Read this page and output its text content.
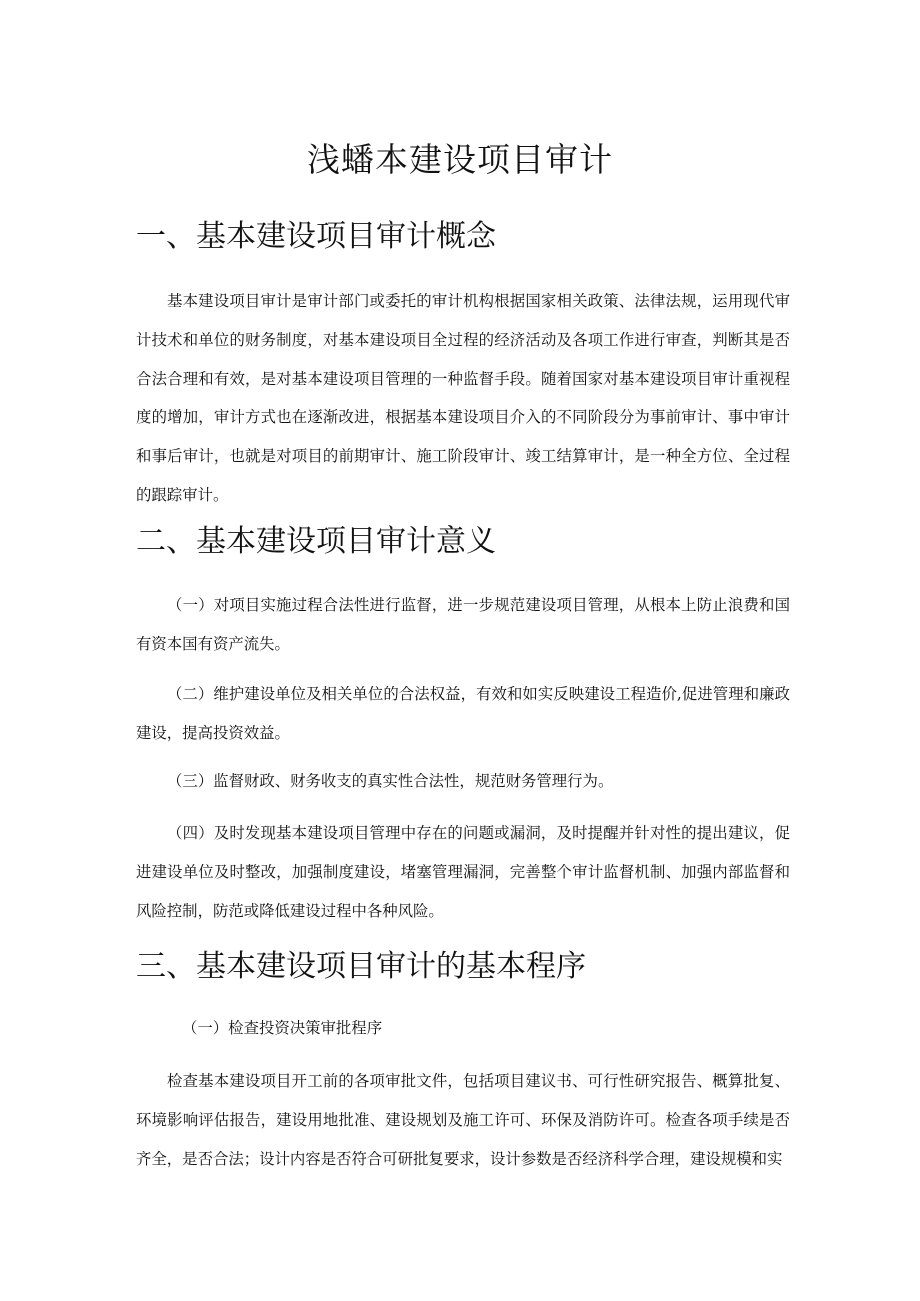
浅蟠本建设项目审计
一、基本建设项目审计概念

基本建设项目审计是审计部门或委托的审计机构根据国家相关政策、法律法规，运用现代审计技术和单位的财务制度，对基本建设项目全过程的经济活动及各项工作进行审查，判断其是否合法合理和有效，是对基本建设项目管理的一种监督手段。随着国家对基本建设项目审计重视程度的增加，审计方式也在逐渐改进，根据基本建设项目介入的不同阶段分为事前审计、事中审计和事后审计，也就是对项目的前期审计、施工阶段审计、竣工结算审计，是一种全方位、全过程的跟踪审计。

二、基本建设项目审计意义

（一）对项目实施过程合法性进行监督，进一步规范建设项目管理，从根本上防止浪费和国有资本国有资产流失。

（二）维护建设单位及相关单位的合法权益，有效和如实反映建设工程造价,促进管理和廉政建设，提高投资效益。

（三）监督财政、财务收支的真实性合法性，规范财务管理行为。

（四）及时发现基本建设项目管理中存在的问题或漏洞，及时提醒并针对性的提出建议，促进建设单位及时整改，加强制度建设，堵塞管理漏洞，完善整个审计监督机制、加强内部监督和风险控制，防范或降低建设过程中各种风险。

三、基本建设项目审计的基本程序

（一）检查投资决策审批程序

检查基本建设项目开工前的各项审批文件，包括项目建议书、可行性研究报告、概算批复、环境影响评估报告，建设用地批准、建设规划及施工许可、环保及消防许可。检查各项手续是否齐全，是否合法；设计内容是否符合可研批复要求，设计参数是否经济科学合理，建设规模和实
